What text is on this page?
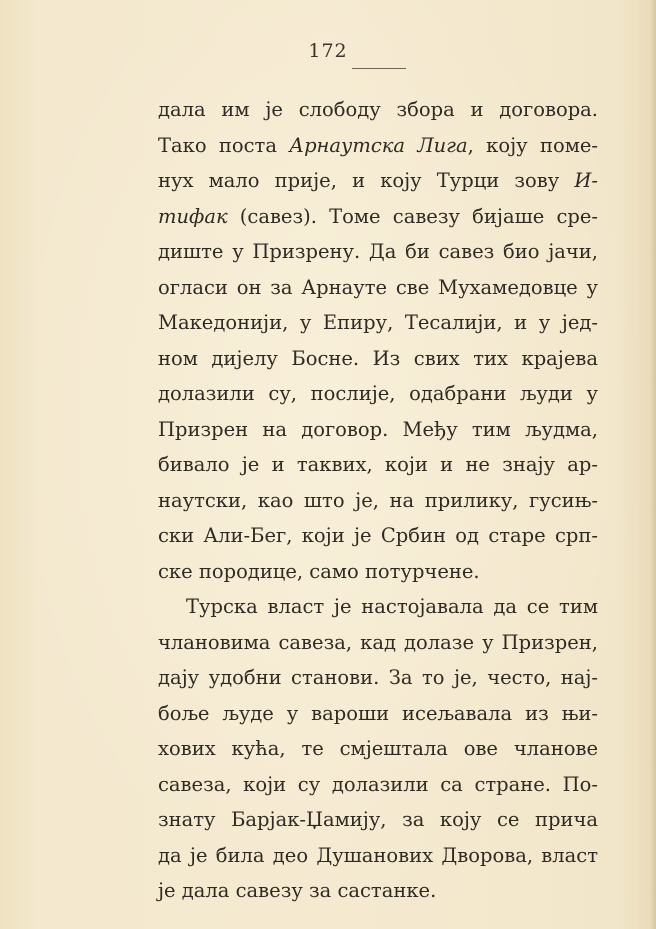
172
дала им је слободу збора и договора.
Тако поста Арнаутска Лига, коју поме-
нух мало прије, и коју Турци зову И-
тифак (савез). Томе савезу бијаше сре-
диште у Призрену. Да би савез био јачи,
огласи он за Арнауте све Мухамедовце у
Македонији, у Епиру, Тесалији, и у јед-
ном дијелу Босне. Из свих тих крајева
долазили су, послије, одабрани људи у
Призрен на договор. Међу тим људма,
бивало је и таквих, који и не знају ар-
наутски, као што је, на прилику, гусињ-
ски Али-Бег, који је Србин од старе срп-
ске породице, само потурчене.
Турска власт је настојавала да се тим
члановима савеза, кад долазе у Призрен,
дају удобни станови. За то је, често, нај-
боље људе у вароши исељавала из њи-
хових кућа, те смјештала ове чланове
савеза, који су долазили са стране. По-
знату Барјак-Џамију, за коју се прича
да је била део Душанових Дворова, власт
је дала савезу за састанке.
